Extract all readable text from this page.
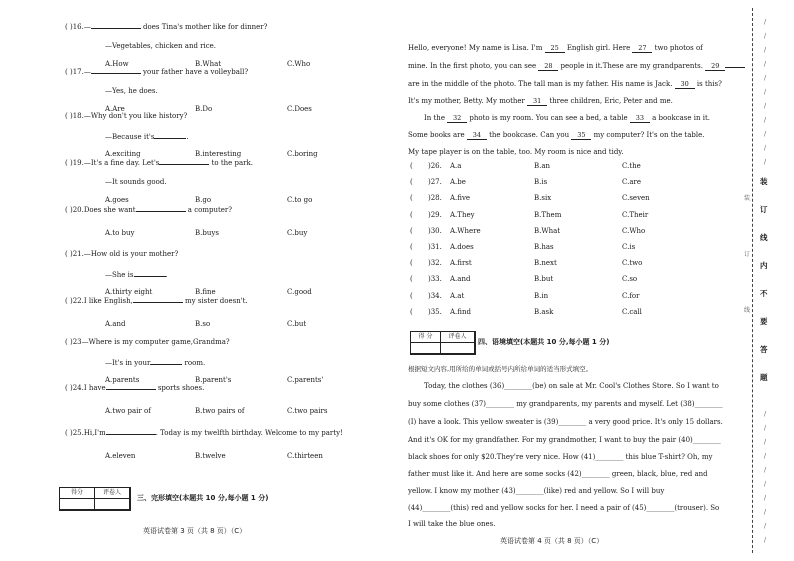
( )16.—	does Tina's mother like for dinner?
—Vegetables, chicken and rice.
A.How	B.What	C.Who
( )17.—	your father have a volleyball?
—Yes, he does.
A.Are	B.Do	C.Does
( )18.—Why don't you like history?
—Because it's	.
A.exciting	B.interesting	C.boring
( )19.—It's a fine day. Let's	to the park.
—It sounds good.
A.goes	B.go	C.to go
( )20.Does she want	a computer?
A.to buy	B.buys	C.buy
( )21.—How old is your mother?
—She is	.
A.thirty eight	B.fine	C.good
( )22.I like English,	my sister doesn't.
A.and	B.so	C.but
( )23—Where is my computer game,Grandma?
—It's in your	room.
A.parents	B.parent's	C.parents'
( )24.I have	sports shoes.
A.two pair of	B.two pairs of	C.two pairs
( )25.Hi,I'm	. Today is my twelfth birthday. Welcome to my party!
A.eleven	B.twelve	C.thirteen
得分	评卷人
三、完形填空(本题共 10 分,每小题 1 分)
英语试卷第 3 页（共 8 页）（C）
Hello, everyone! My name is Lisa. I'm 25 English girl. Here 27 two photos of
mine. In the first photo, you can see 28 people in it.These are my grandparents. 29
are in the middle of the photo. The tall man is my father. His name is Jack. 30 is this?
It's my mother, Betty. My mother 31 three children, Eric, Peter and me.
In the 32 photo is my room. You can see a bed, a table 33 a bookcase in it.
Some books are 34 the bookcase. Can you 35 my computer? It's on the table.
My tape player is on the table, too. My room is nice and tidy.
( )26. A.a	B.an	C.the
( )27. A.be	B.is	C.are
( )28. A.five	B.six	C.seven
( )29. A.They	B.Them	C.Their
( )30. A.Where	B.What	C.Who
( )31. A.does	B.has	C.is
( )32. A.first	B.next	C.two
( )33. A.and	B.but	C.so
( )34. A.at	B.in	C.for
( )35. A.find	B.ask	C.call
得 分	评卷人
四、语境填空(本题共 10 分,每小题 1 分)
根据短文内容,用所给的单词或括号内所给单词的适当形式填空。
Today, the clothes (36)________(be) on sale at Mr. Cool's Clothes Store. So I want to
buy some clothes (37)________ my grandparents, my parents and myself. Let (38)________
(I) have a look. This yellow sweater is (39)________ a very good price. It's only 15 dollars.
And it's OK for my grandfather. For my grandmother, I want to buy the pair (40)________
black shoes for only $20.They're very nice. How (41)________ this blue T-shirt? Oh, my
father must like it. And here are some socks (42)________ green, black, blue, red and
yellow. I know my mother (43)________(like) red and yellow. So I will buy
(44)________(this) red and yellow socks for her. I need a pair of (45)________(trouser). So
I will take the blue ones.
英语试卷第 4 页（共 8 页）（C）
装
订
线
内
不
要
答
题
装
订
线
/
/
/
/
/
/
/
/
/
/
/
/
/
/
/
/
/
/
/
/
/
